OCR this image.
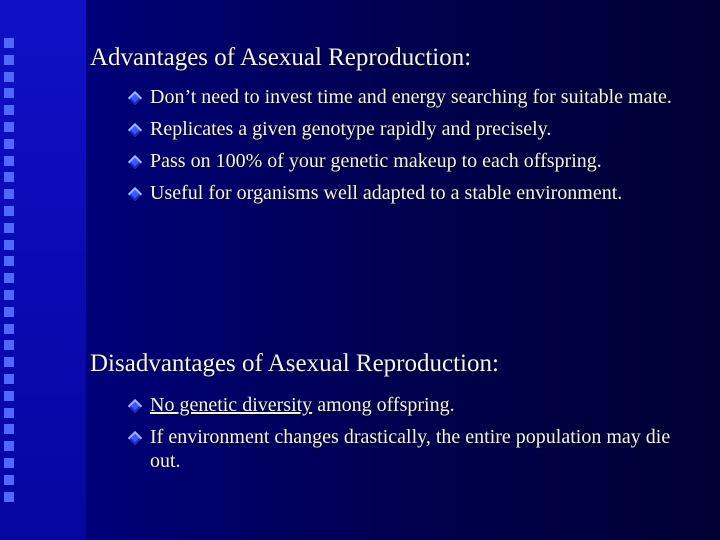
Advantages of Asexual Reproduction:
Don’t need to invest time and energy searching for suitable mate.
Replicates a given genotype rapidly and precisely.
Pass on 100% of your genetic makeup to each offspring.
Useful for organisms well adapted to a stable environment.
Disadvantages of Asexual Reproduction:
No genetic diversity among offspring.
If environment changes drastically, the entire population may die out.
